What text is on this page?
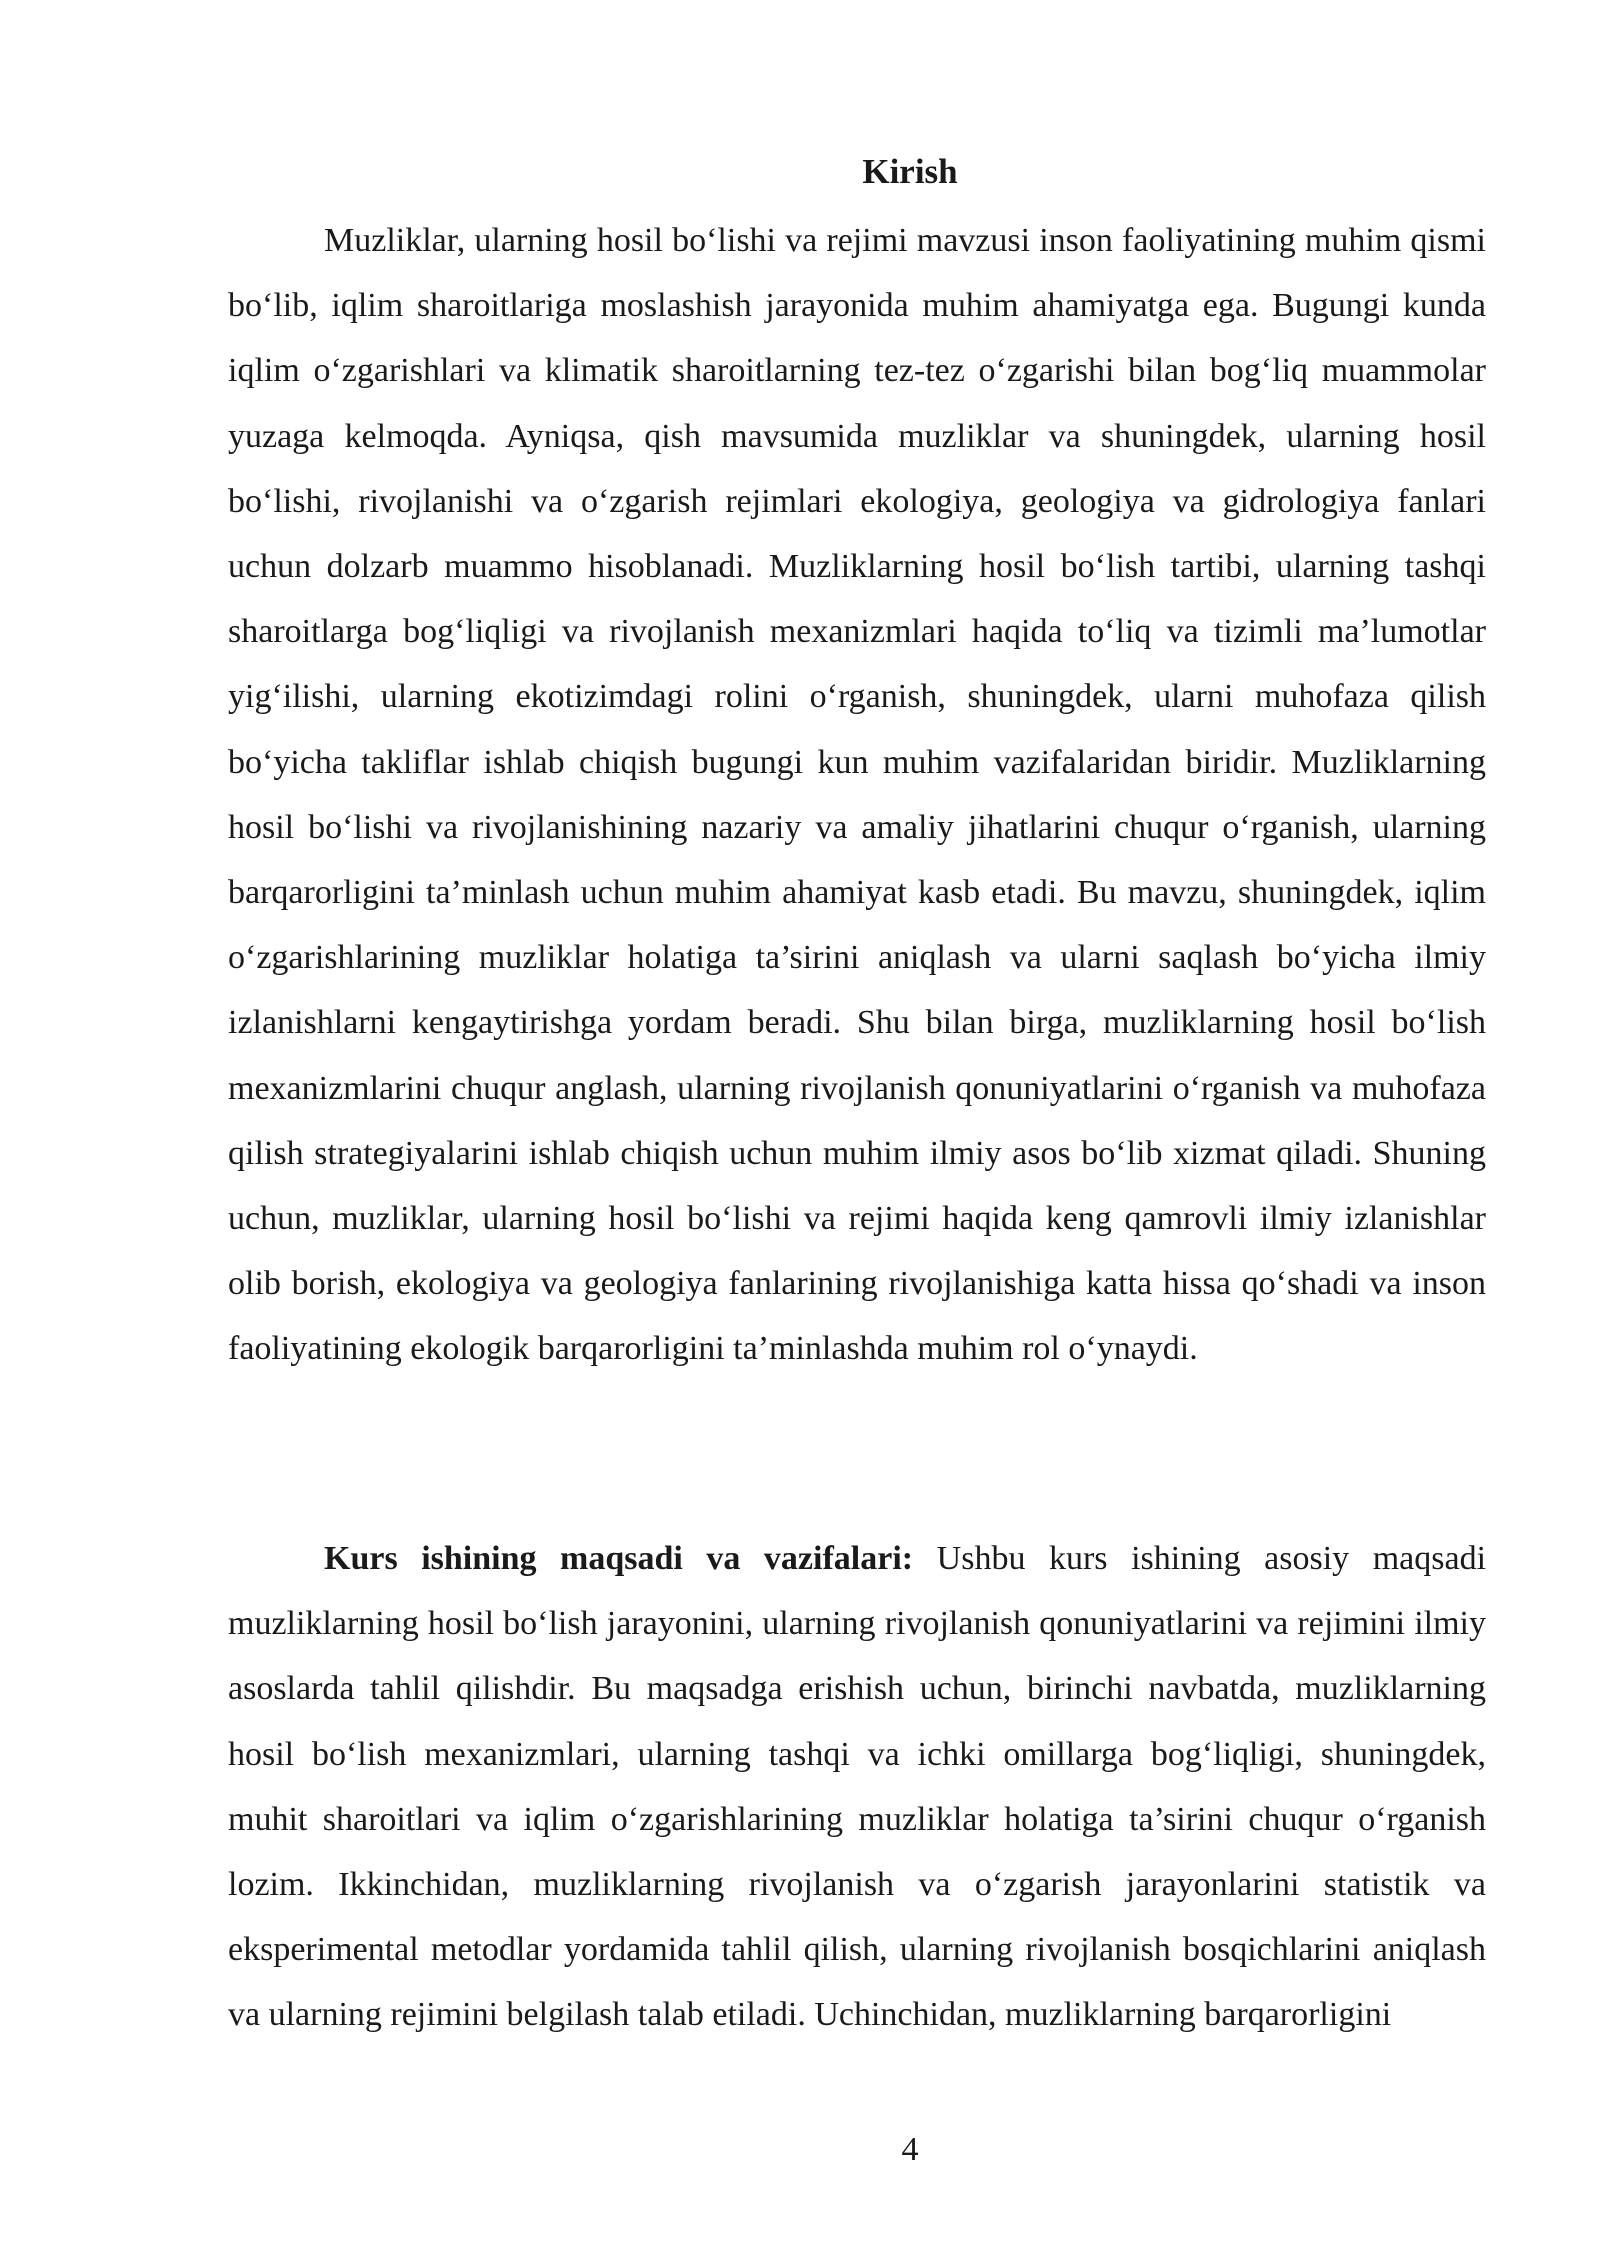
Kirish

Muzliklar, ularning hosil bo‘lishi va rejimi mavzusi inson faoliyatining muhim qismi bo‘lib, iqlim sharoitlariga moslashish jarayonida muhim ahamiyatga ega. Bugungi kunda iqlim o‘zgarishlari va klimatik sharoitlarning tez-tez o‘zgarishi bilan bog‘liq muammolar yuzaga kelmoqda. Ayniqsa, qish mavsumida muzliklar va shuningdek, ularning hosil bo‘lishi, rivojlanishi va o‘zgarish rejimlari ekologiya, geologiya va gidrologiya fanlari uchun dolzarb muammo hisoblanadi. Muzliklarning hosil bo‘lish tartibi, ularning tashqi sharoitlarga bog‘liqligi va rivojlanish mexanizmlari haqida to‘liq va tizimli ma’lumotlar yig‘ilishi, ularning ekotizimdagi rolini o‘rganish, shuningdek, ularni muhofaza qilish bo‘yicha takliflar ishlab chiqish bugungi kun muhim vazifalaridan biridir. Muzliklarning hosil bo‘lishi va rivojlanishining nazariy va amaliy jihatlarini chuqur o‘rganish, ularning barqarorligini ta’minlash uchun muhim ahamiyat kasb etadi. Bu mavzu, shuningdek, iqlim o‘zgarishlarining muzliklar holatiga ta’sirini aniqlash va ularni saqlash bo‘yicha ilmiy izlanishlarni kengaytirishga yordam beradi. Shu bilan birga, muzliklarning hosil bo‘lish mexanizmlarini chuqur anglash, ularning rivojlanish qonuniyatlarini o‘rganish va muhofaza qilish strategiyalarini ishlab chiqish uchun muhim ilmiy asos bo‘lib xizmat qiladi. Shuning uchun, muzliklar, ularning hosil bo‘lishi va rejimi haqida keng qamrovli ilmiy izlanishlar olib borish, ekologiya va geologiya fanlarining rivojlanishiga katta hissa qo‘shadi va inson faoliyatining ekologik barqarorligini ta’minlashda muhim rol o‘ynaydi.

Kurs ishining maqsadi va vazifalari: Ushbu kurs ishining asosiy maqsadi muzliklarning hosil bo‘lish jarayonini, ularning rivojlanish qonuniyatlarini va rejimini ilmiy asoslarda tahlil qilishdir. Bu maqsadga erishish uchun, birinchi navbatda, muzliklarning hosil bo‘lish mexanizmlari, ularning tashqi va ichki omillarga bog‘liqligi, shuningdek, muhit sharoitlari va iqlim o‘zgarishlarining muzliklar holatiga ta’sirini chuqur o‘rganish lozim. Ikkinchidan, muzliklarning rivojlanish va o‘zgarish jarayonlarini statistik va eksperimental metodlar yordamida tahlil qilish, ularning rivojlanish bosqichlarini aniqlash va ularning rejimini belgilash talab etiladi. Uchinchidan, muzliklarning barqarorligini

4
